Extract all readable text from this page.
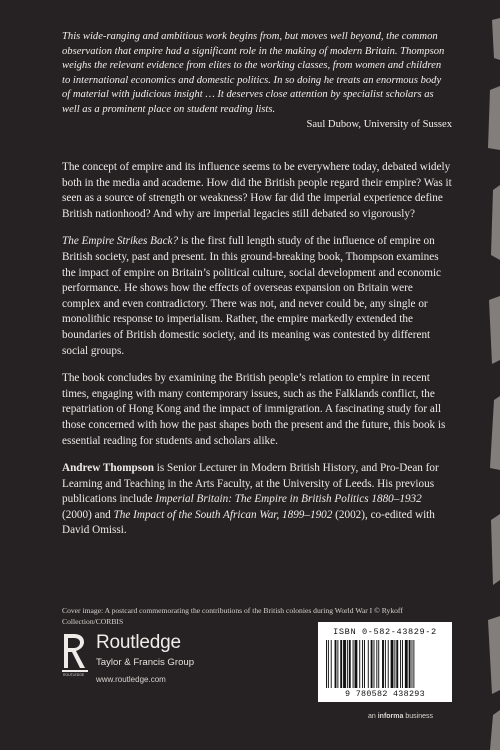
This wide-ranging and ambitious work begins from, but moves well beyond, the common observation that empire had a significant role in the making of modern Britain. Thompson weighs the relevant evidence from elites to the working classes, from women and children to international economics and domestic politics. In so doing he treats an enormous body of material with judicious insight … It deserves close attention by specialist scholars as well as a prominent place on student reading lists.
Saul Dubow, University of Sussex

The concept of empire and its influence seems to be everywhere today, debated widely both in the media and academe. How did the British people regard their empire? Was it seen as a source of strength or weakness? How far did the imperial experience define British nationhood? And why are imperial legacies still debated so vigorously?

The Empire Strikes Back? is the first full length study of the influence of empire on British society, past and present. In this ground-breaking book, Thompson examines the impact of empire on Britain’s political culture, social development and economic performance. He shows how the effects of overseas expansion on Britain were complex and even contradictory. There was not, and never could be, any single or monolithic response to imperialism. Rather, the empire markedly extended the boundaries of British domestic society, and its meaning was contested by different social groups.

The book concludes by examining the British people’s relation to empire in recent times, engaging with many contemporary issues, such as the Falklands conflict, the repatriation of Hong Kong and the impact of immigration. A fascinating study for all those concerned with how the past shapes both the present and the future, this book is essential reading for students and scholars alike.

Andrew Thompson is Senior Lecturer in Modern British History, and Pro-Dean for Learning and Teaching in the Arts Faculty, at the University of Leeds. His previous publications include Imperial Britain: The Empire in British Politics 1880–1932 (2000) and The Impact of the South African War, 1899–1902 (2002), co-edited with David Omissi.

Cover image: A postcard commemorating the contributions of the British colonies during World War I © Rykoff Collection/CORBIS
ROUTLEDGE
Routledge
Taylor & Francis Group
www.routledge.com
ISBN 0-582-43829-2
9 780582 438293
an informa business
